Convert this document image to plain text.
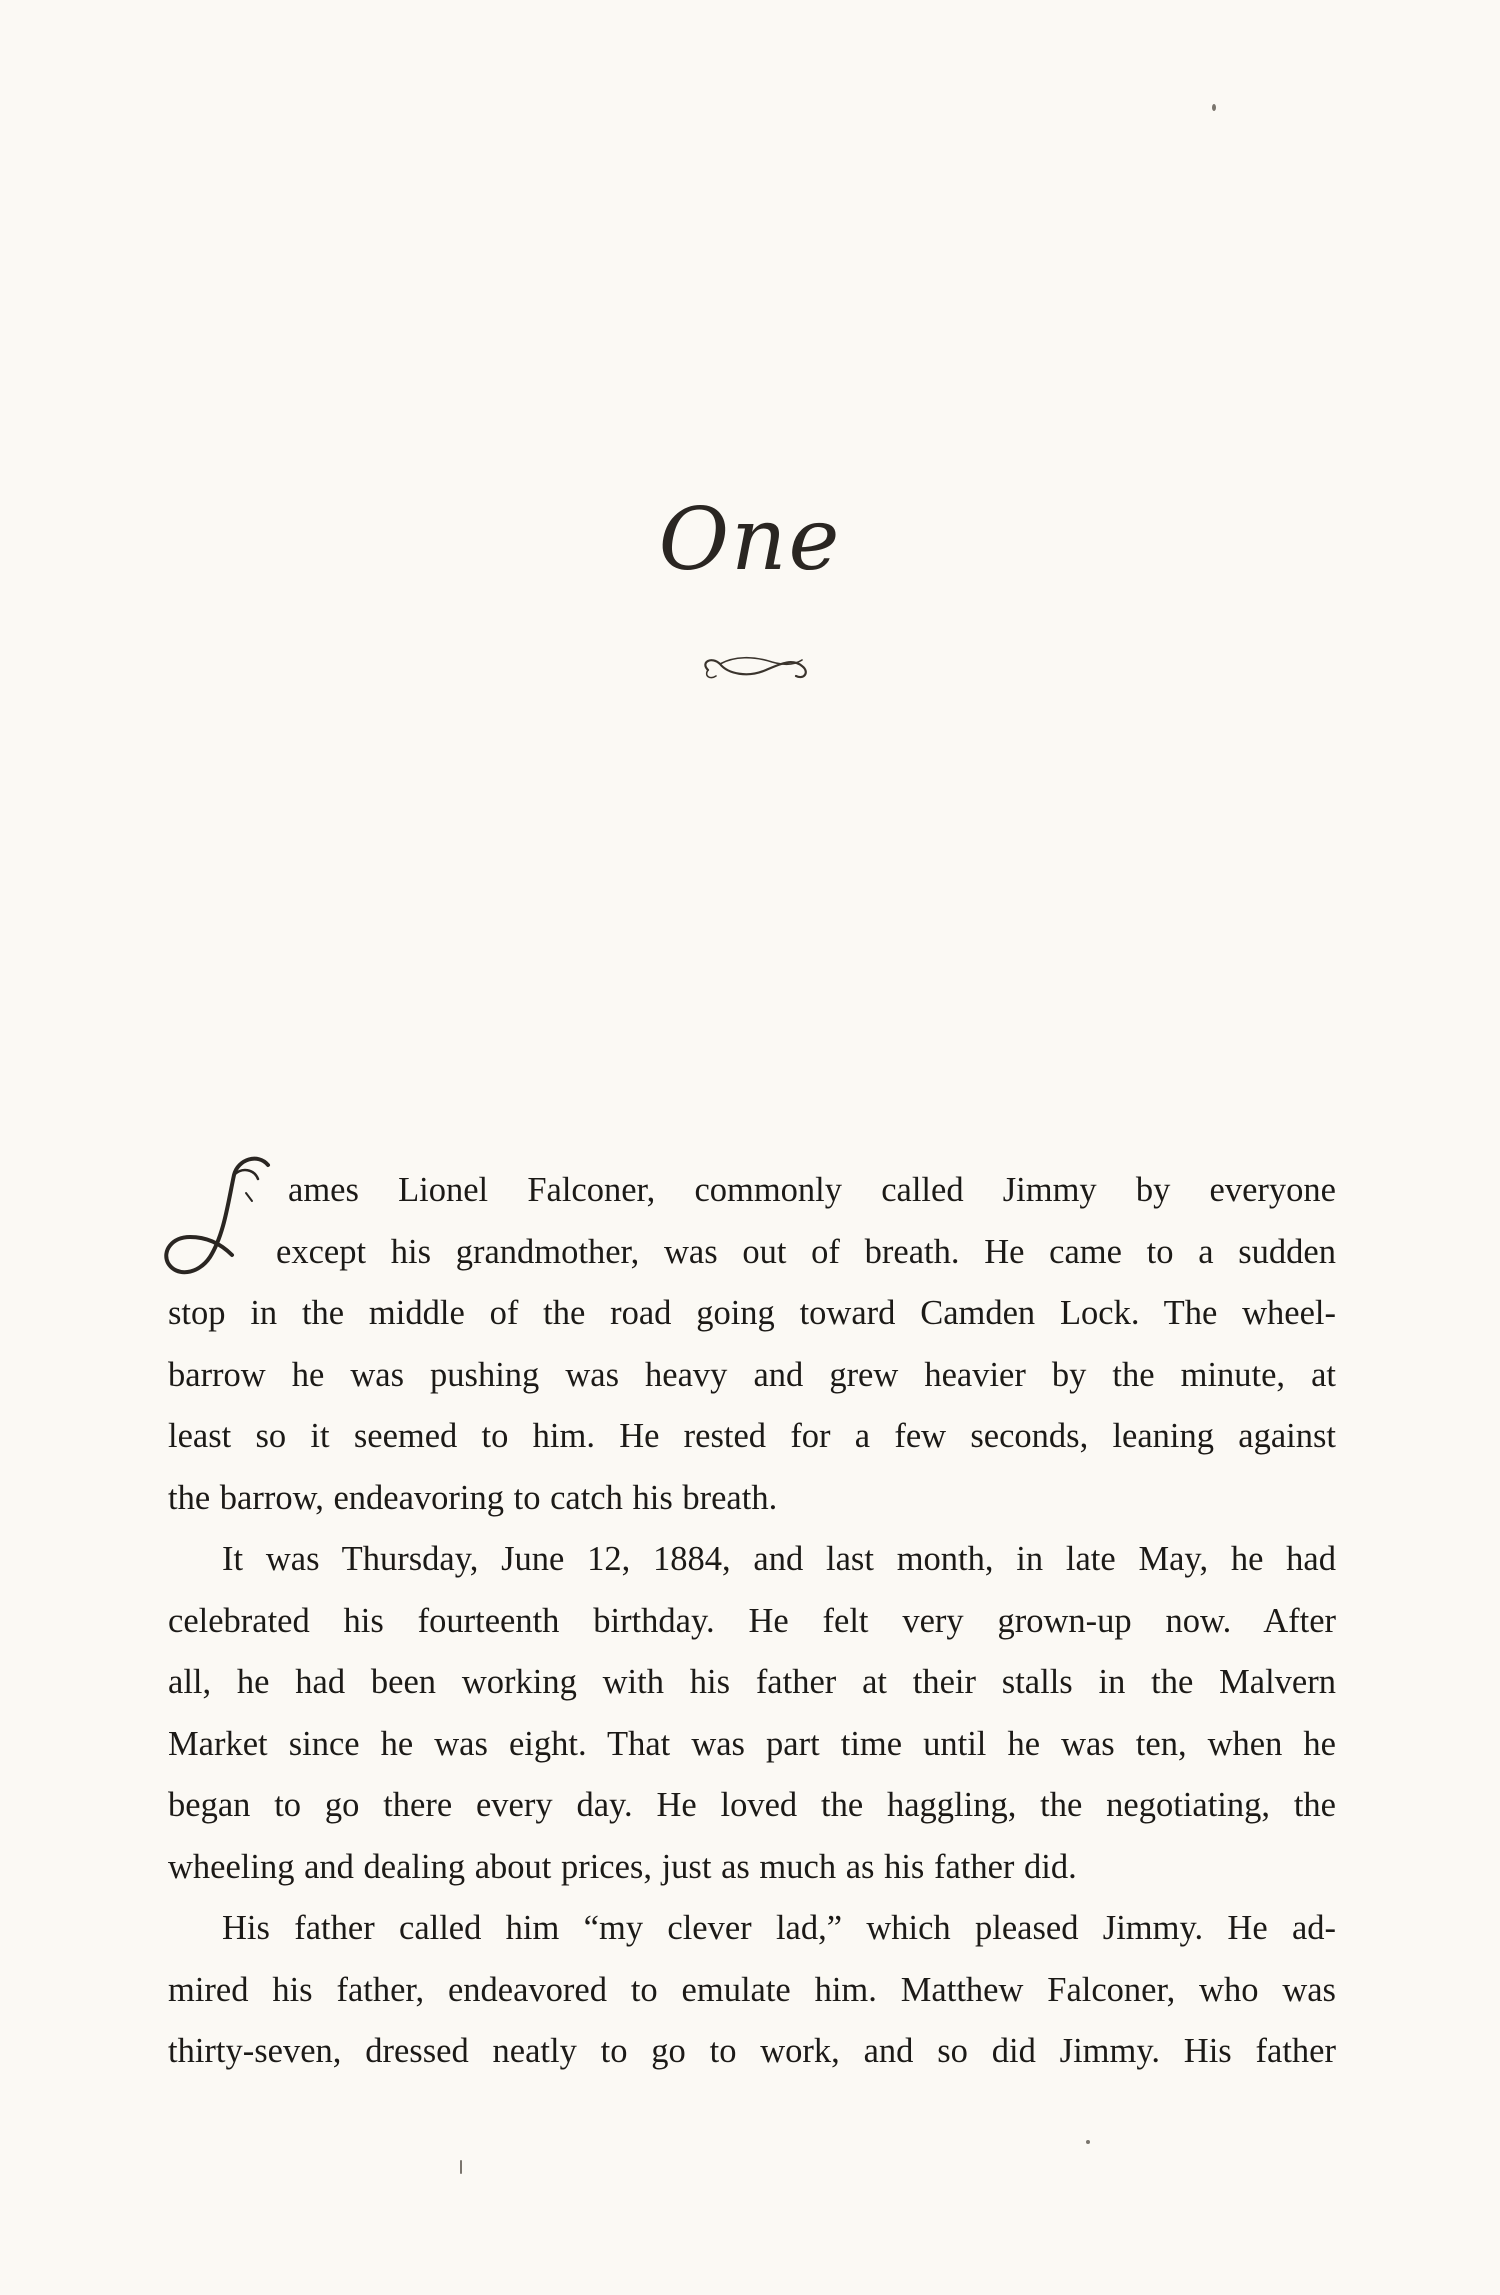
One
ames Lionel Falconer, commonly called Jimmy by everyone
except his grandmother, was out of breath. He came to a sudden
stop in the middle of the road going toward Camden Lock. The wheel-
barrow he was pushing was heavy and grew heavier by the minute, at
least so it seemed to him. He rested for a few seconds, leaning against
the barrow, endeavoring to catch his breath.
It was Thursday, June 12, 1884, and last month, in late May, he had
celebrated his fourteenth birthday. He felt very grown-up now. After
all, he had been working with his father at their stalls in the Malvern
Market since he was eight. That was part time until he was ten, when he
began to go there every day. He loved the haggling, the negotiating, the
wheeling and dealing about prices, just as much as his father did.
His father called him “my clever lad,” which pleased Jimmy. He ad-
mired his father, endeavored to emulate him. Matthew Falconer, who was
thirty-seven, dressed neatly to go to work, and so did Jimmy. His father
